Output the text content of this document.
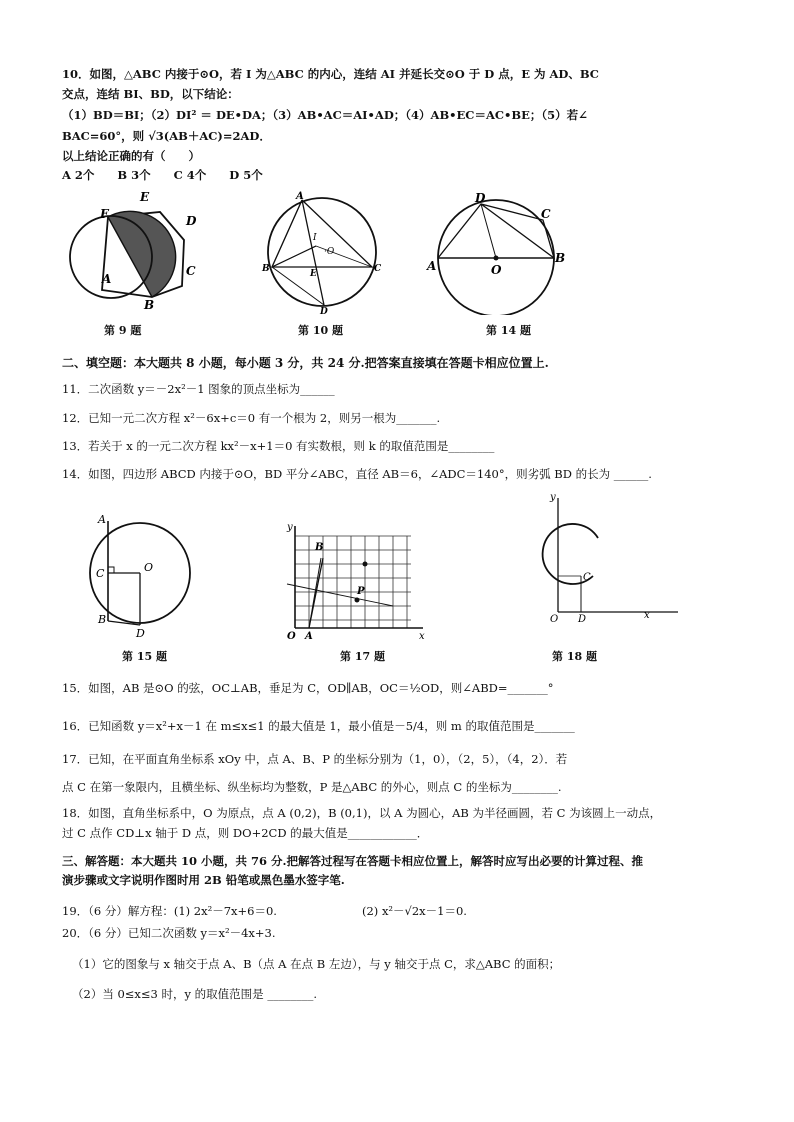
10．如图，△ABC 内接于⊙O，若 I 为△ABC 的内心，连结 AI 并延长交⊙O 于 D 点，E 为 AD、BC
交点，连结 BI、BD，以下结论：
（1）BD＝BI；（2）DI² ＝ DE•DA；（3）AB•AC＝AI•AD；（4）AB•EC＝AC•BE；（5）若∠
BAC=60°，则 √3(AB＋AC)=2AD．
以上结论正确的有（　　）
A 2个　　B 3个　　C 4个　　D 5个
E
D
F
A
C
B
第 9 题
A
I
·O
B	E	C
D
第 10 题
D
C
A	O
B
第 14 题
二、填空题：本大题共 8 小题，每小题 3 分，共 24 分.把答案直接填在答题卡相应位置上.
11．二次函数 y＝－2x²－1 图象的顶点坐标为______
12．已知一元二次方程 x²－6x+c＝0 有一个根为 2，则另一根为_______.
13．若关于 x 的一元二次方程 kx²－x+1＝0 有实数根，则 k 的取值范围是________
14．如图，四边形 ABCD 内接于⊙O，BD 平分∠ABC，直径 AB＝6，∠ADC＝140°，则劣弧 BD 的长为 ______.
A
C	O
B
D
第 15 题
y
B
P
O A	x
第 17 题
y
C
O D	x
第 18 题
15．如图，AB 是⊙O 的弦，OC⊥AB，垂足为 C，OD∥AB，OC＝½OD，则∠ABD=_______°
16．已知函数 y＝x²+x－1 在 m≤x≤1 的最大值是 1，最小值是－5/4，则 m 的取值范围是_______
17．已知，在平面直角坐标系 xOy 中，点 A、B、P 的坐标分别为（1，0），（2，5），（4，2）．若
点 C 在第一象限内，且横坐标、纵坐标均为整数，P 是△ABC 的外心，则点 C 的坐标为________.
18．如图，直角坐标系中，O 为原点，点 A (0,2)，B (0,1)，以 A 为圆心，AB 为半径画圆，若 C 为该圆上一动点，
过 C 点作 CD⊥x 轴于 D 点，则 DO+2CD 的最大值是____________．
三、解答题：本大题共 10 小题，共 76 分.把解答过程写在答题卡相应位置上，解答时应写出必要的计算过程、推
演步骤或文字说明作图时用 2B 铅笔或黑色墨水签字笔.
19．（6 分）解方程：(1) 2x²－7x+6＝0.	(2) x²－√2x－1＝0.
20．（6 分）已知二次函数 y＝x²－4x+3.
（1）它的图象与 x 轴交于点 A、B（点 A 在点 B 左边），与 y 轴交于点 C，求△ABC 的面积；
（2）当 0≤x≤3 时，y 的取值范围是 ________.
